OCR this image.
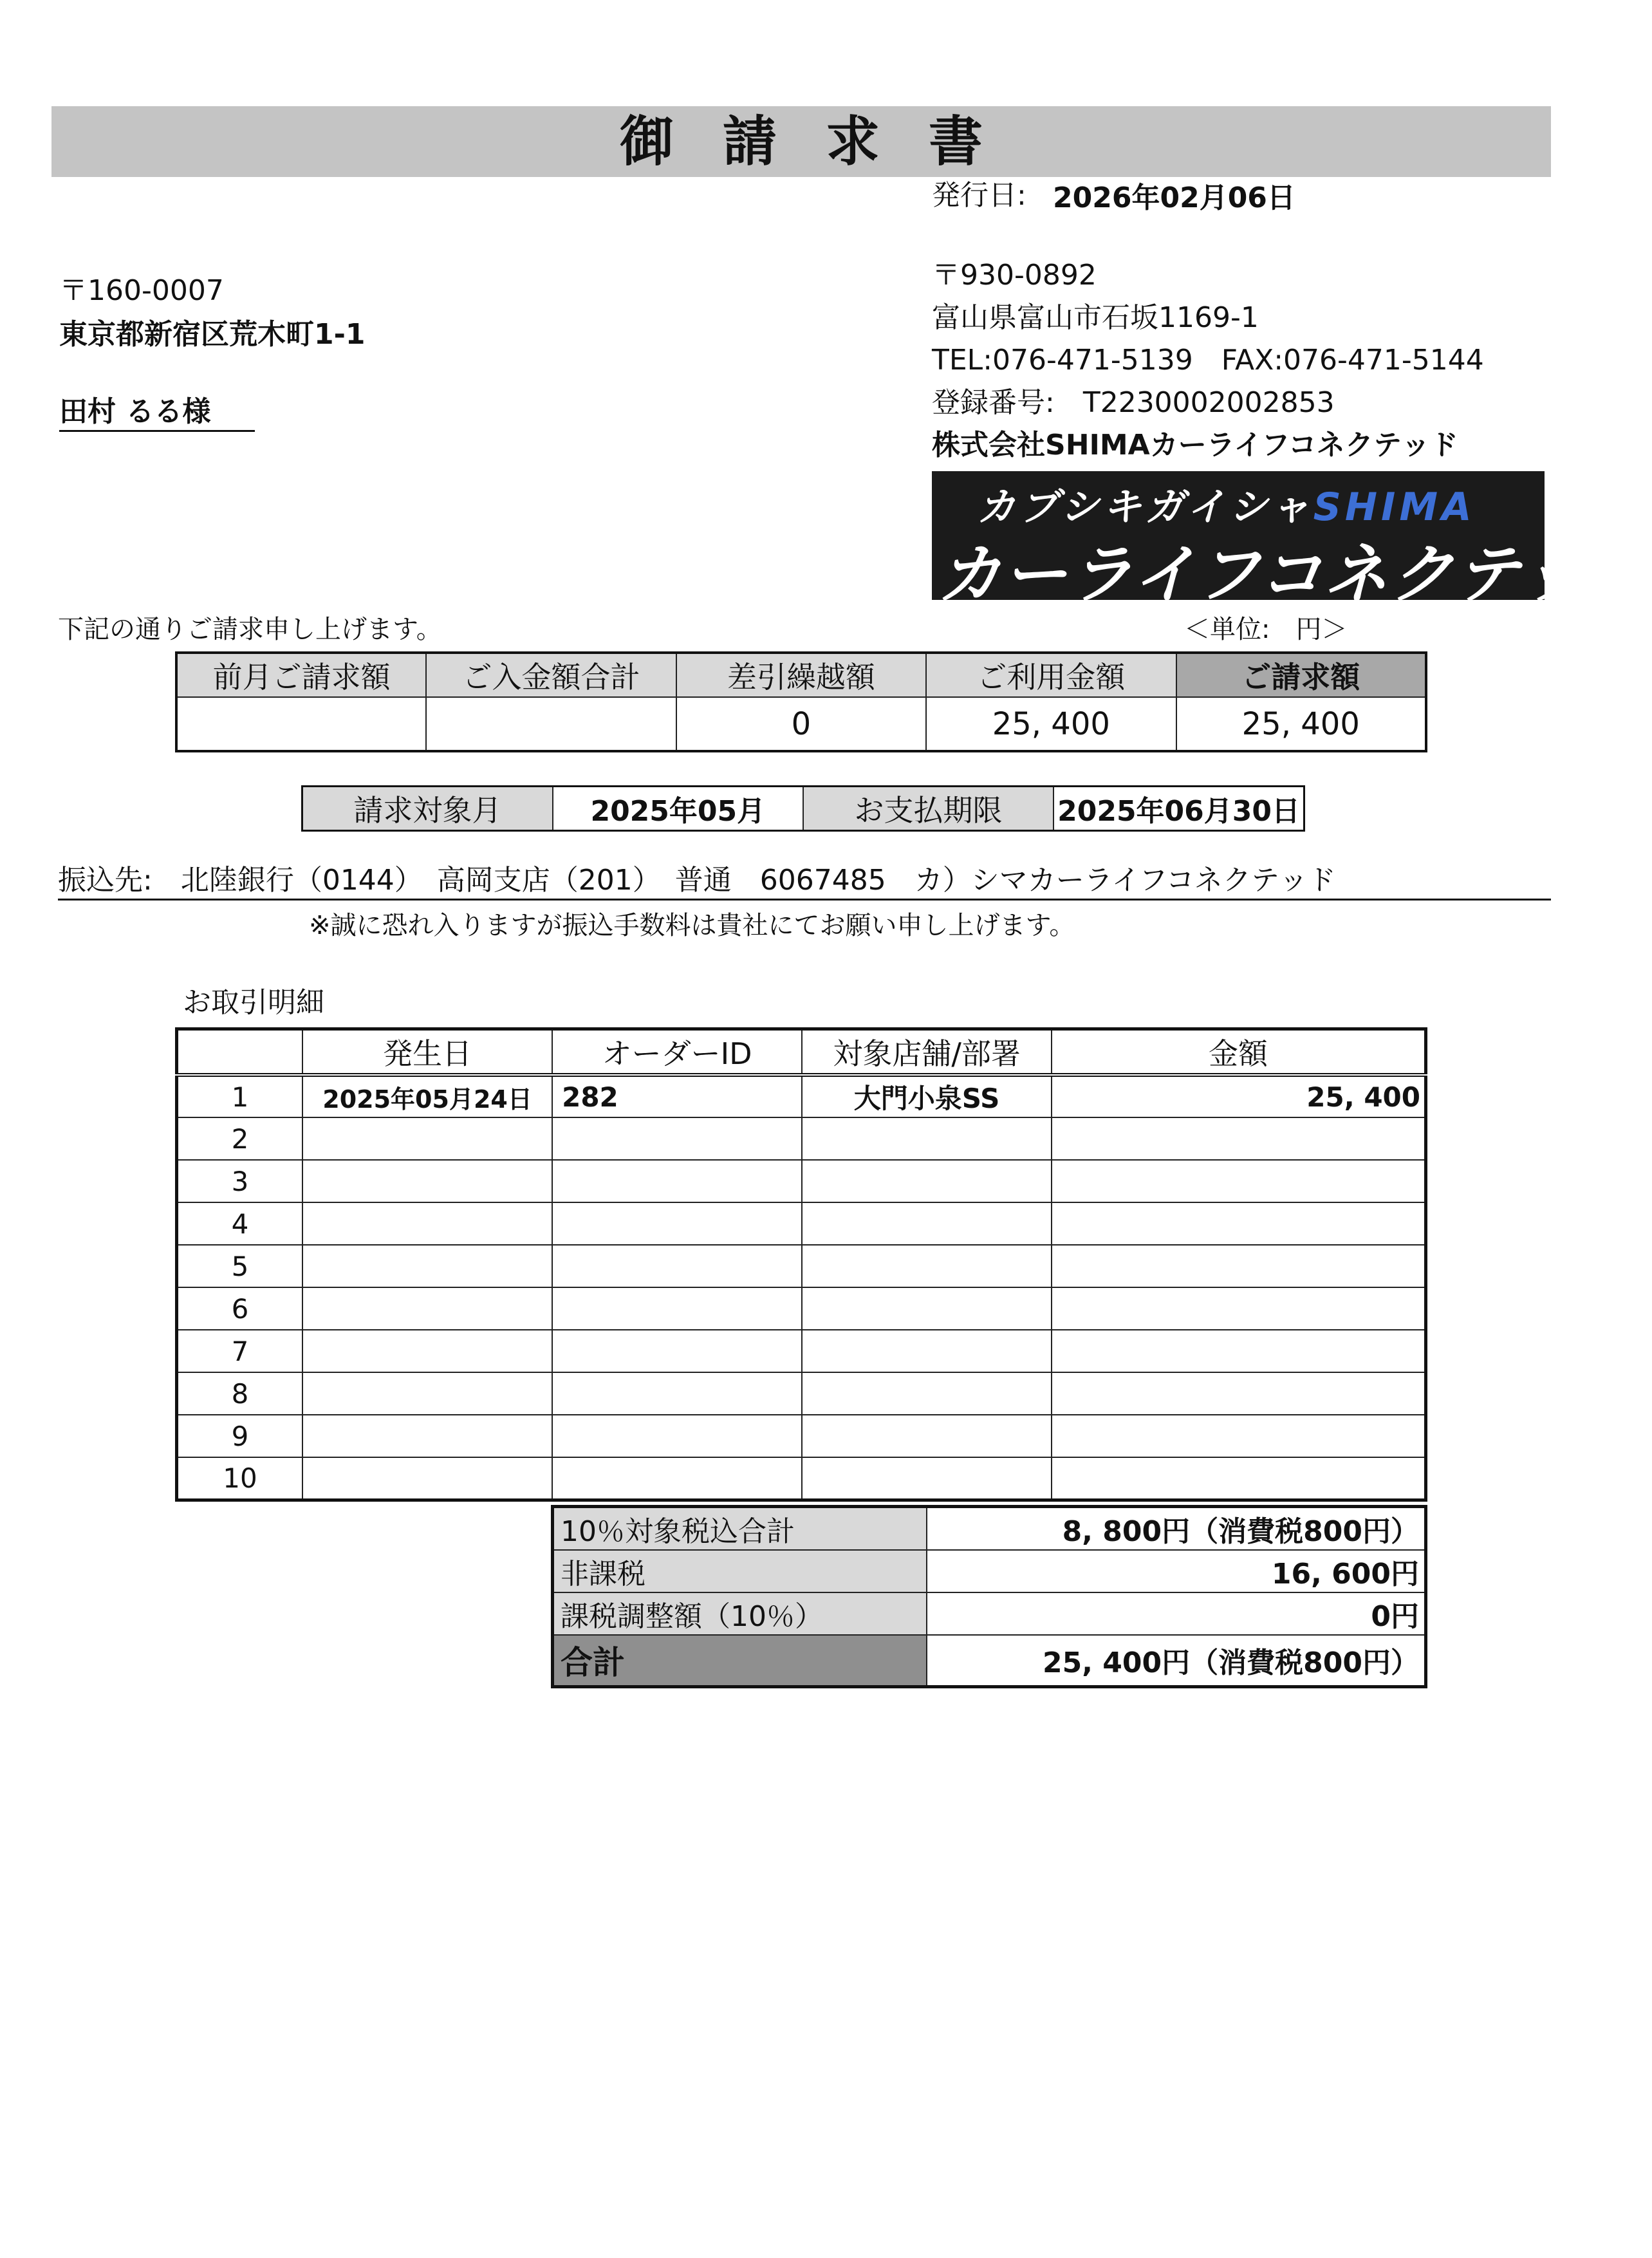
御請求書
発行日: 2026年02月06日
〒160-0007
東京都新宿区荒木町1-1
田村 るる様
〒930-0892
富山県富山市石坂1169-1
TEL:076-471-5139　FAX:076-471-5144
登録番号:　T2230002002853
株式会社SHIMAカーライフコネクテッド
カブシキガイシャSHIMA
カーライフコネクテッド
下記の通りご請求申し上げます。	＜単位:　円＞
前月ご請求額	ご入金額合計	差引繰越額	ご利用金額	ご請求額
		0	25, 400	25, 400
請求対象月	2025年05月	お支払期限	2025年06月30日
振込先:　北陸銀行（0144）　高岡支店（201）　普通　6067485　カ）シマカーライフコネクテッド
※誠に恐れ入りますが振込手数料は貴社にてお願い申し上げます。
お取引明細
	発生日	オーダーID	対象店舗/部署	金額
1	2025年05月24日	282	大門小泉SS	25, 400
2				
3				
4				
5				
6				
7				
8				
9				
10				
10％対象税込合計	8, 800円（消費税800円）
非課税	16, 600円
課税調整額（10％）	0円
合計	25, 400円（消費税800円）
